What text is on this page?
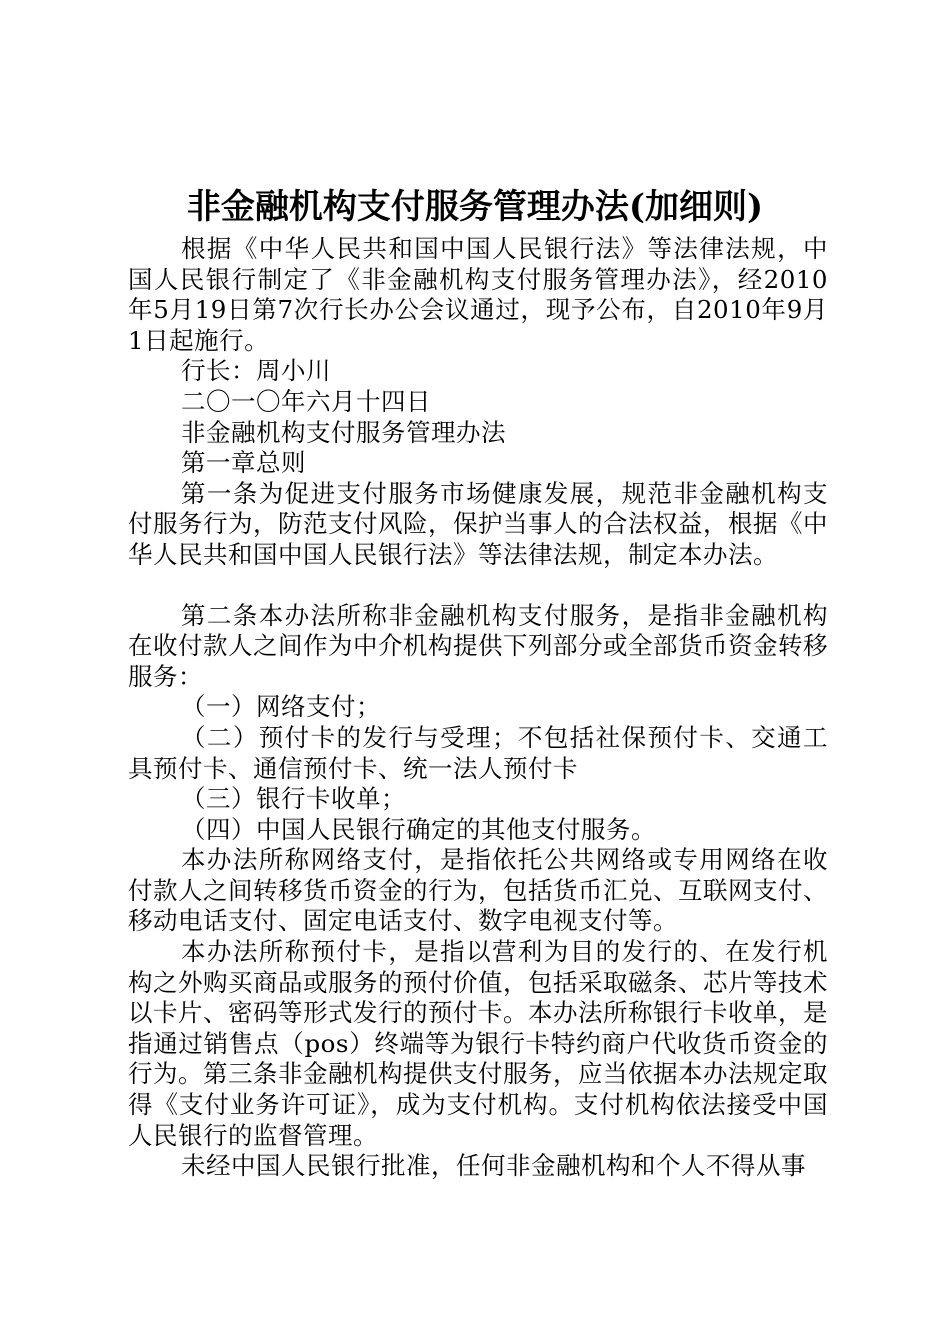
非金融机构支付服务管理办法(加细则)

根据《中华人民共和国中国人民银行法》等法律法规，中国人民银行制定了《非金融机构支付服务管理办法》，经2010年5月19日第7次行长办公会议通过，现予公布，自2010年9月1日起施行。

行长：周小川

二〇一〇年六月十四日

非金融机构支付服务管理办法

第一章总则

第一条为促进支付服务市场健康发展，规范非金融机构支付服务行为，防范支付风险，保护当事人的合法权益，根据《中华人民共和国中国人民银行法》等法律法规，制定本办法。

第二条本办法所称非金融机构支付服务，是指非金融机构在收付款人之间作为中介机构提供下列部分或全部货币资金转移服务：

（一）网络支付；

（二）预付卡的发行与受理；不包括社保预付卡、交通工具预付卡、通信预付卡、统一法人预付卡

（三）银行卡收单；

（四）中国人民银行确定的其他支付服务。

本办法所称网络支付，是指依托公共网络或专用网络在收付款人之间转移货币资金的行为，包括货币汇兑、互联网支付、移动电话支付、固定电话支付、数字电视支付等。

本办法所称预付卡，是指以营利为目的发行的、在发行机构之外购买商品或服务的预付价值，包括采取磁条、芯片等技术以卡片、密码等形式发行的预付卡。本办法所称银行卡收单，是指通过销售点（pos）终端等为银行卡特约商户代收货币资金的行为。第三条非金融机构提供支付服务，应当依据本办法规定取得《支付业务许可证》，成为支付机构。支付机构依法接受中国人民银行的监督管理。

未经中国人民银行批准，任何非金融机构和个人不得从事
